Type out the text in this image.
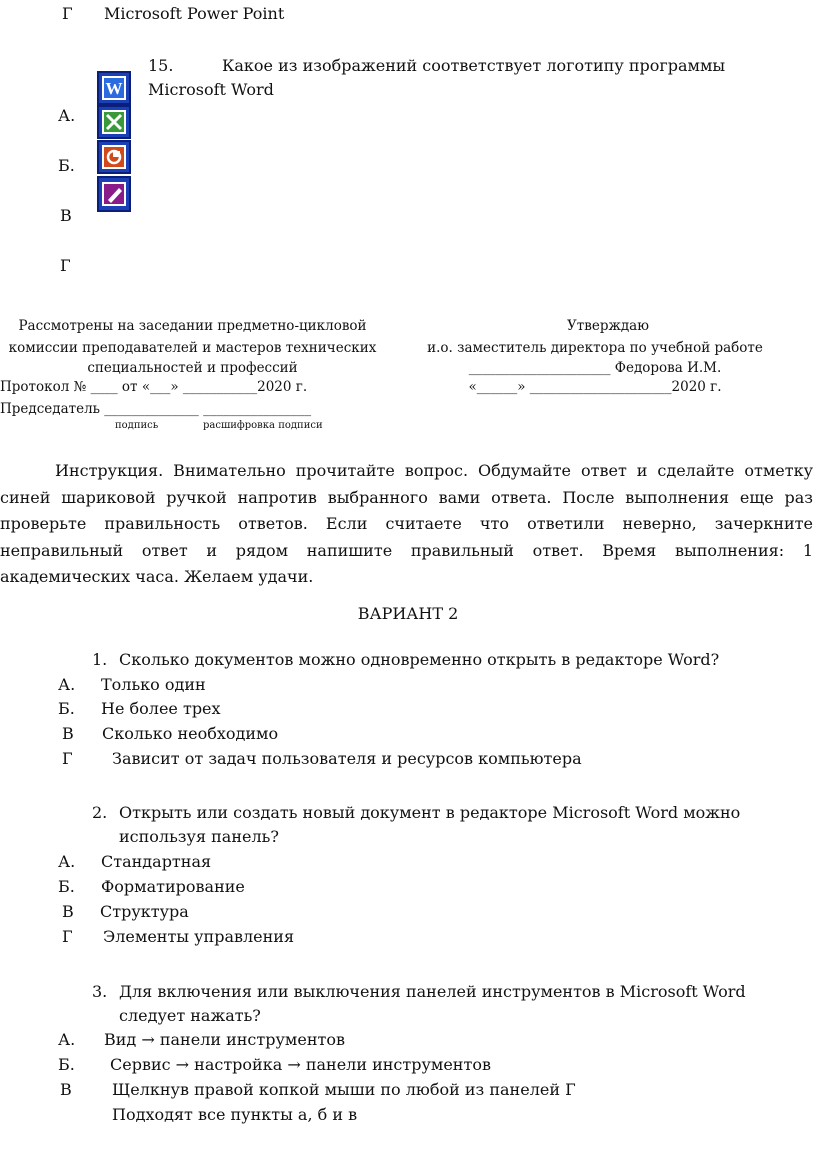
Г Microsoft Power Point
15.	Какое из изображений соответствует логотипу программы
Microsoft Word
А.
Б.
В
Г
W
Рассмотрены на заседании предметно-цикловой
комиссии преподавателей и мастеров технических
специальностей и профессий
Протокол № ____ от «___» ___________2020 г.
Председатель ______________ ________________
подпись	расшифровка подписи
Утверждаю
и.о. заместитель директора по учебной работе
_____________________ Федорова И.М.
«______» _____________________2020 г.
Инструкция. Внимательно прочитайте вопрос. Обдумайте ответ и сделайте отметку синей шариковой ручкой напротив выбранного вами ответа. После выполнения еще раз проверьте правильность ответов. Если считаете что ответили неверно, зачеркните неправильный ответ и рядом напишите правильный ответ. Время выполнения: 1 академических часа. Желаем удачи.
ВАРИАНТ 2
1. Сколько документов можно одновременно открыть в редакторе Word?
А. Только один
Б. Не более трех
В Сколько необходимо
Г Зависит от задач пользователя и ресурсов компьютера
2. Открыть или создать новый документ в редакторе Microsoft Word можно
используя панель?
А. Стандартная
Б. Форматирование
В Структура
Г Элементы управления
3. Для включения или выключения панелей инструментов в Microsoft Word
следует нажать?
А. Вид → панели инструментов
Б. Сервис → настройка → панели инструментов
В	Щелкнув правой копкой мыши по любой из панелей Г
Подходят все пункты а, б и в
